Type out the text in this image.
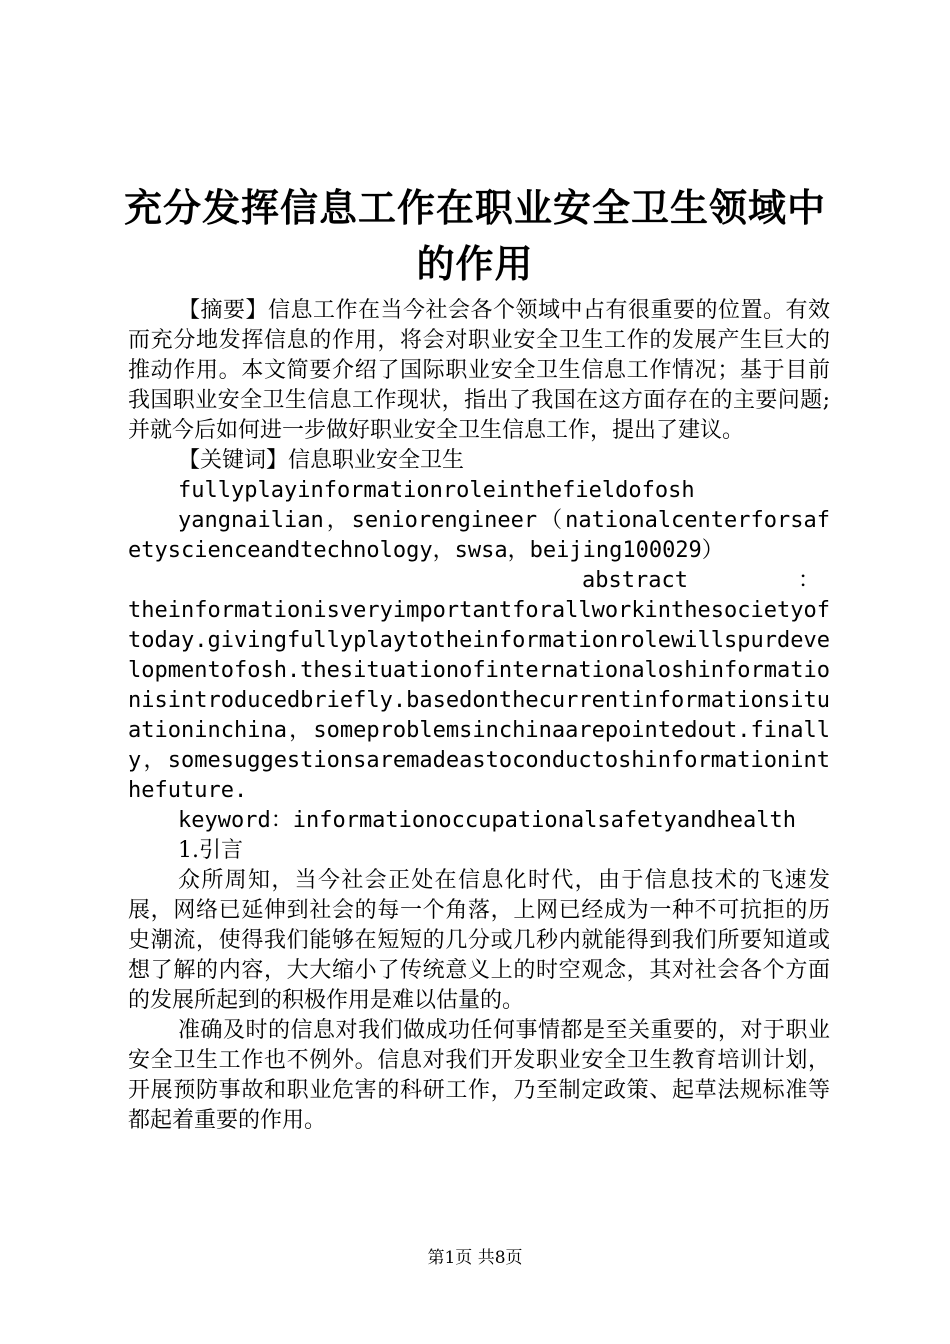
充分发挥信息工作在职业安全卫生领域中的作用

【摘要】信息工作在当今社会各个领域中占有很重要的位置。有效而充分地发挥信息的作用，将会对职业安全卫生工作的发展产生巨大的推动作用。本文简要介绍了国际职业安全卫生信息工作情况；基于目前我国职业安全卫生信息工作现状，指出了我国在这方面存在的主要问题;并就今后如何进一步做好职业安全卫生信息工作，提出了建议。

【关键词】信息职业安全卫生

fullyplayinformationroleinthefieldofosh

yangnailian，seniorengineer（nationalcenterforsafetyscienceandtechnology，swsa，beijing100029）

abstract	：

theinformationisveryimportantforallworkinthesocietyoftoday.givingfullyplaytotheinformationrolewillspurdevelopmentofosh.thesituationofinternationaloshinformationisintroducedbriefly.basedonthecurrentinformationsituationinchina，someproblemsinchinaarepointedout.finally，somesuggestionsaremadeastoconductoshinformationinthefuture.

keyword：informationoccupationalsafetyandhealth

1.引言

众所周知，当今社会正处在信息化时代，由于信息技术的飞速发展，网络已延伸到社会的每一个角落，上网已经成为一种不可抗拒的历史潮流，使得我们能够在短短的几分或几秒内就能得到我们所要知道或想了解的内容，大大缩小了传统意义上的时空观念，其对社会各个方面的发展所起到的积极作用是难以估量的。

准确及时的信息对我们做成功任何事情都是至关重要的，对于职业安全卫生工作也不例外。信息对我们开发职业安全卫生教育培训计划，开展预防事故和职业危害的科研工作，乃至制定政策、起草法规标准等都起着重要的作用。

第1页 共8页
